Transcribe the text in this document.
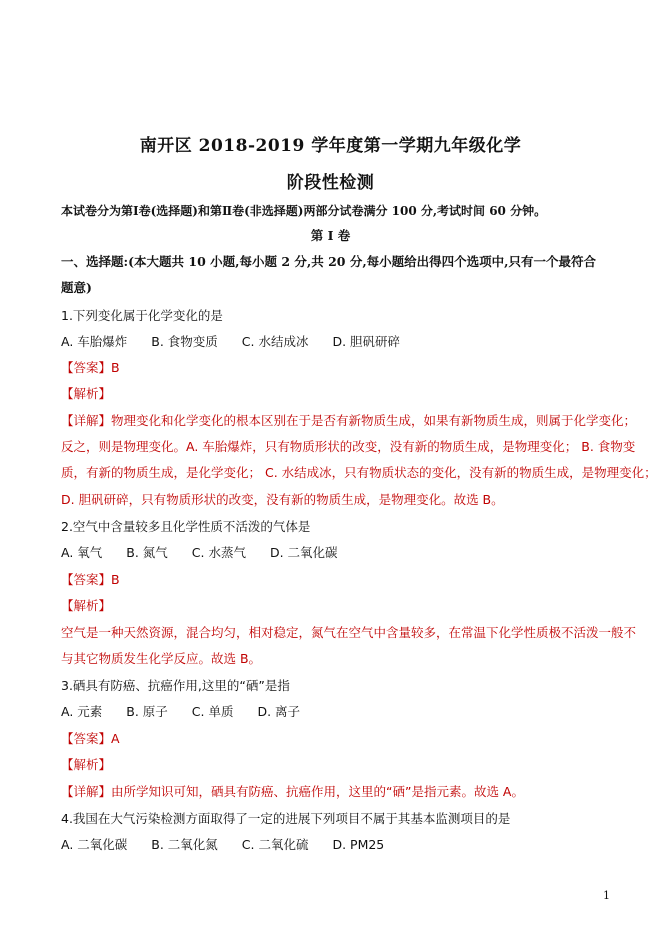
南开区 2018-2019 学年度第一学期九年级化学
阶段性检测
本试卷分为第Ⅰ卷(选择题)和第Ⅱ卷(非选择题)两部分试卷满分 100 分,考试时间 60 分钟。
第 I 卷
一、选择题:(本大题共 10 小题,每小题 2 分,共 20 分,每小题给出得四个选项中,只有一个最符合
题意)
1.下列变化属于化学变化的是
A. 车胎爆炸 B. 食物变质 C. 水结成冰 D. 胆矾研碎
【答案】B
【解析】
【详解】物理变化和化学变化的根本区别在于是否有新物质生成，如果有新物质生成，则属于化学变化；
反之，则是物理变化。A. 车胎爆炸，只有物质形状的改变，没有新的物质生成，是物理变化； B. 食物变
质，有新的物质生成，是化学变化； C. 水结成冰，只有物质状态的变化，没有新的物质生成，是物理变化；
D. 胆矾研碎，只有物质形状的改变，没有新的物质生成，是物理变化。故选 B。
2.空气中含量较多且化学性质不活泼的气体是
A. 氧气 B. 氮气 C. 水蒸气 D. 二氧化碳
【答案】B
【解析】
空气是一种天然资源，混合均匀，相对稳定，氮气在空气中含量较多，在常温下化学性质极不活泼一般不
与其它物质发生化学反应。故选 B。
3.硒具有防癌、抗癌作用,这里的“硒”是指
A. 元素 B. 原子 C. 单质 D. 离子
【答案】A
【解析】
【详解】由所学知识可知，硒具有防癌、抗癌作用，这里的“硒”是指元素。故选 A。
4.我国在大气污染检测方面取得了一定的进展下列项目不属于其基本监测项目的是
A. 二氧化碳 B. 二氧化氮 C. 二氧化硫 D. PM25
1
